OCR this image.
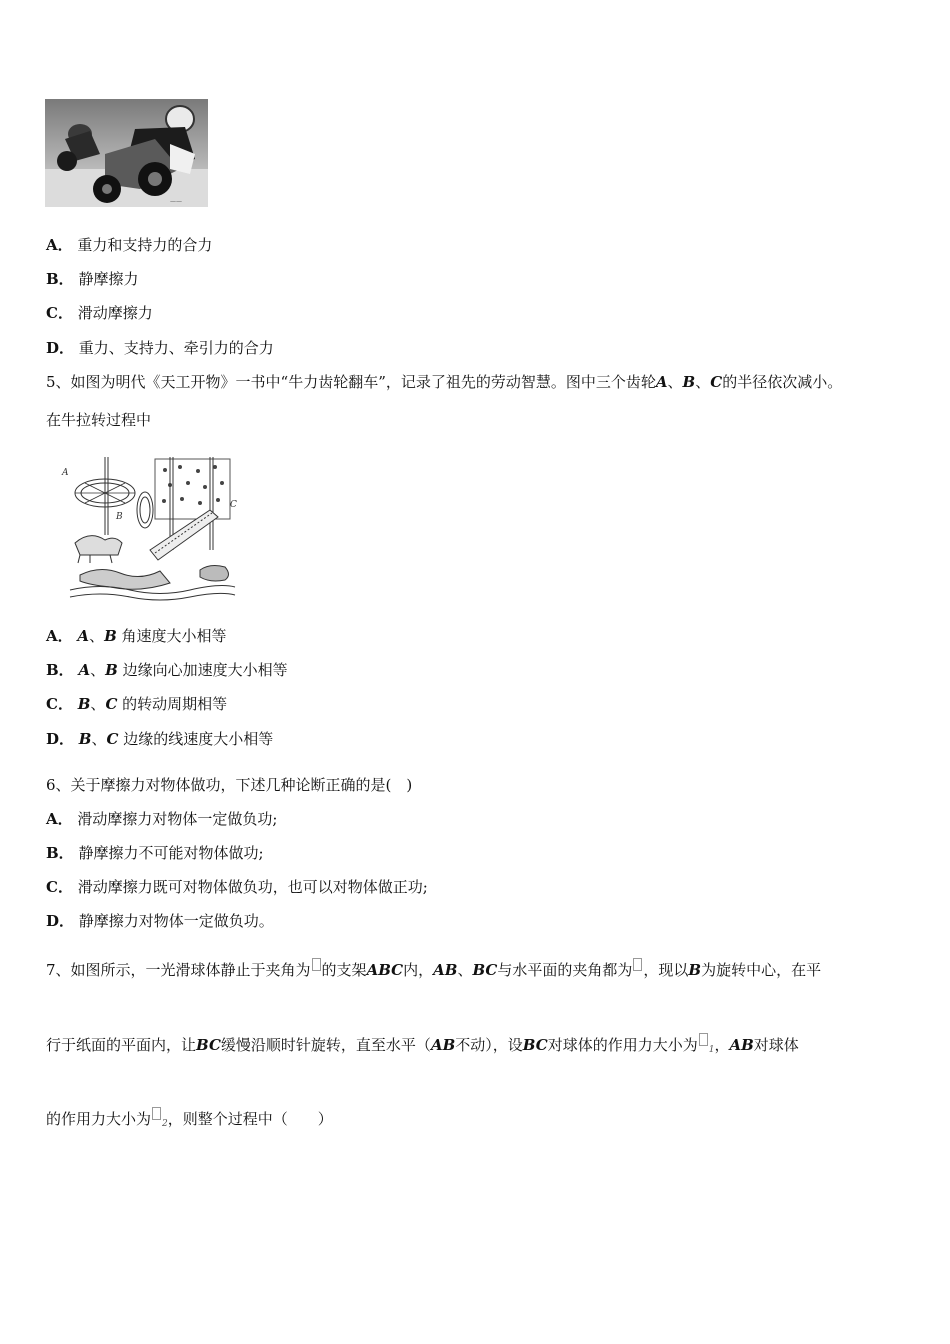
——
A． 重力和支持力的合力
B． 静摩擦力
C． 滑动摩擦力
D． 重力、支持力、牵引力的合力
5、如图为明代《天工开物》一书中“牛力齿轮翻车”，记录了祖先的劳动智慧。图中三个齿轮A、B、C的半径依次减小。
在牛拉转过程中
A
B
C
A． A、B 角速度大小相等
B． A、B 边缘向心加速度大小相等
C． B、C 的转动周期相等
D． B、C 边缘的线速度大小相等
6、关于摩擦力对物体做功，下述几种论断正确的是(　)
A． 滑动摩擦力对物体一定做负功;
B． 静摩擦力不可能对物体做功;
C． 滑动摩擦力既可对物体做负功，也可以对物体做正功;
D． 静摩擦力对物体一定做负功。
7、如图所示，一光滑球体静止于夹角为 的支架ABC内，AB、BC与水平面的夹角都为 ，现以B为旋转中心，在平
行于纸面的平面内，让BC缓慢沿顺时针旋转，直至水平（AB不动），设BC对球体的作用力大小为 $_1$，AB对球体
的作用力大小为 $_2$，则整个过程中（　　）
